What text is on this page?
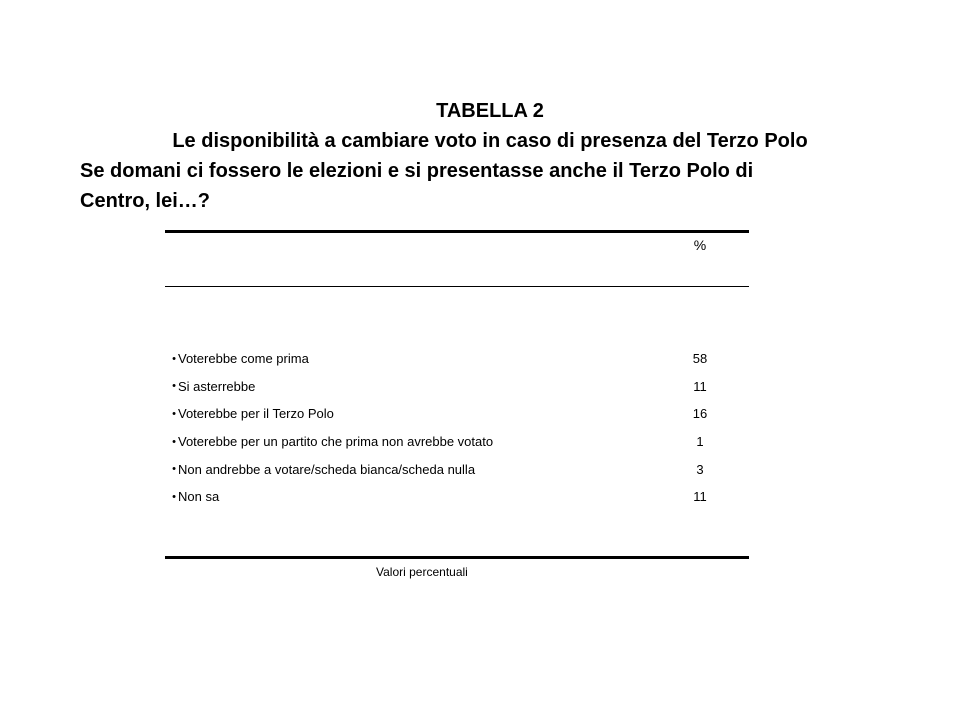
TABELLA 2
Le disponibilità a cambiare voto in caso di presenza del Terzo Polo
Se domani ci fossero le elezioni e si presentasse anche il Terzo Polo di
Centro, lei…?
%
• Voterebbe come prima	58
• Si asterrebbe	11
• Voterebbe per il Terzo Polo	16
• Voterebbe per un partito che prima non avrebbe votato	1
• Non andrebbe a votare/scheda bianca/scheda nulla	3
• Non sa	11
Valori percentuali
